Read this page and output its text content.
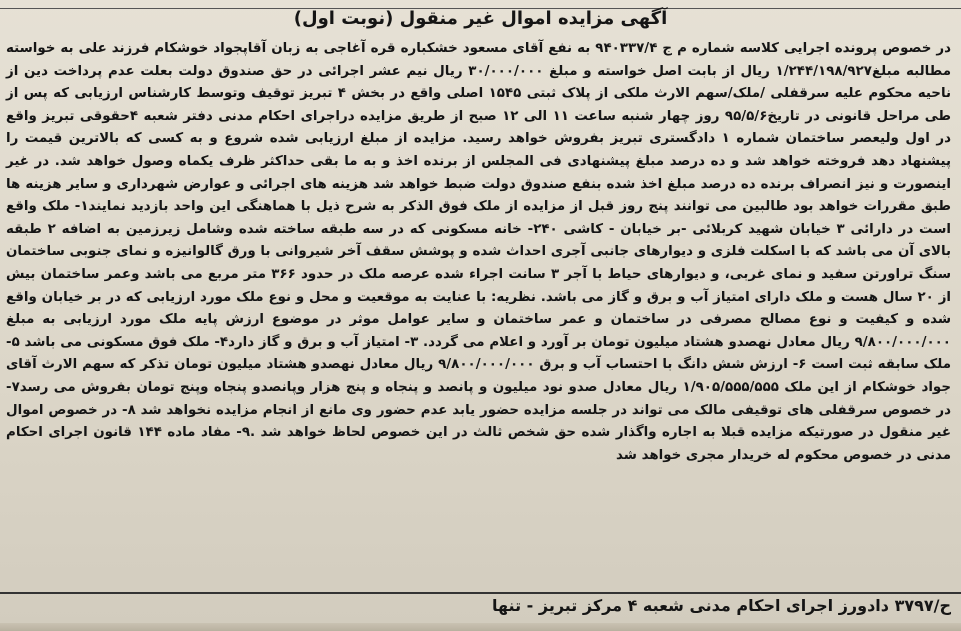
آگهی مزایده اموال غیر منقول (نوبت اول)

در خصوص پرونده اجرایی کلاسه شماره م ج ۹۴۰۳۳۷/۴ به نفع آقای مسعود خشکباره قره آغاجی به زبان آقاپجواد خوشکام فرزند علی به خواسته مطالبه مبلغ۱/۲۴۴/۱۹۸/۹۲۷ ریال از بابت اصل خواسته و مبلغ ۳۰/۰۰۰/۰۰۰ ریال نیم عشر اجرائی در حق صندوق دولت بعلت عدم پرداخت دین از ناحیه محکوم علیه سرقفلی /ملک/سهم الارث ملکی از پلاک ثبتی ۱۵۴۵ اصلی واقع در بخش ۴ تبریز توقیف وتوسط کارشناس ارزیابی که پس از طی مراحل قانونی در تاریخ۹۵/۵/۶ روز چهار شنبه ساعت ۱۱ الی ۱۲ صبح از طریق مزایده دراجرای احکام مدنی دفتر شعبه ۴حقوقی تبریز واقع در اول ولیعصر ساختمان شماره ۱ دادگستری تبریز بفروش خواهد رسید. مزایده از مبلغ ارزیابی شده شروع و به کسی که بالاترین قیمت را پیشنهاد دهد فروخته خواهد شد و ده درصد مبلغ پیشنهادی فی المجلس از برنده اخذ و به ما بقی حداکثر ظرف یکماه وصول خواهد شد. در غیر اینصورت و نیز انصراف برنده ده درصد مبلغ اخذ شده بنفع صندوق دولت ضبط خواهد شد هزینه های اجرائی و عوارض شهرداری و سایر هزینه ها طبق مقررات خواهد بود طالبین می توانند پنج روز قبل از مزایده از ملک فوق الذکر به شرح ذیل با هماهنگی این واحد بازدید نمایند۱- ملک واقع است در دارائی ۳ خیابان شهید کربلائی -بر خیابان - کاشی ۲۴۰- خانه مسکونی که در سه طبقه ساخته شده وشامل زیرزمین به اضافه ۲ طبقه بالای آن می باشد که با اسکلت فلزی و دیوارهای جانبی آجری احداث شده و پوشش سقف آخر شیروانی با ورق گالوانیزه و نمای جنوبی ساختمان سنگ تراورتن سفید و نمای غربی، و دیوارهای حیاط با آجر ۳ سانت اجراء شده عرصه ملک در حدود ۳۶۶ متر مربع می باشد وعمر ساختمان بیش از ۲۰ سال هست و ملک دارای امتیاز آب و برق و گاز می باشد. نظریه: با عنایت به موقعیت و محل و نوع ملک مورد ارزیابی که در بر خیابان واقع شده و کیفیت و نوع مصالح مصرفی در ساختمان و عمر ساختمان و سایر عوامل موثر در موضوع ارزش پایه ملک مورد ارزیابی به مبلغ ۹/۸۰۰/۰۰۰/۰۰۰ ریال معادل نهصدو هشتاد میلیون تومان بر آورد و اعلام می گردد. ۳- امتیاز آب و برق و گاز دارد۴- ملک فوق مسکونی می باشد ۵- ملک سابقه ثبت است ۶- ارزش شش دانگ با احتساب آب و برق ۹/۸۰۰/۰۰۰/۰۰۰ ریال معادل نهصدو هشتاد میلیون تومان تذکر که سهم الارث آقای جواد خوشکام از این ملک ۱/۹۰۵/۵۵۵/۵۵۵ ریال معادل صدو نود میلیون و پانصد و پنجاه و پنج هزار وپانصدو پنجاه وپنج تومان بفروش می رسد۷- در خصوص سرقفلی های توقیفی مالک می تواند در جلسه مزایده حضور یابد عدم حضور وی مانع از انجام مزایده نخواهد شد ۸- در خصوص اموال غیر منقول در صورتیکه مزایده قبلا به اجاره واگذار شده حق شخص ثالث در این خصوص لحاظ خواهد شد .۹- مفاد ماده ۱۴۴ قانون اجرای احکام مدنی در خصوص محکوم له خریدار مجری خواهد شد

ح/۳۷۹۷ دادورز اجرای احکام مدنی شعبه ۴ مرکز تبریز - تنها
